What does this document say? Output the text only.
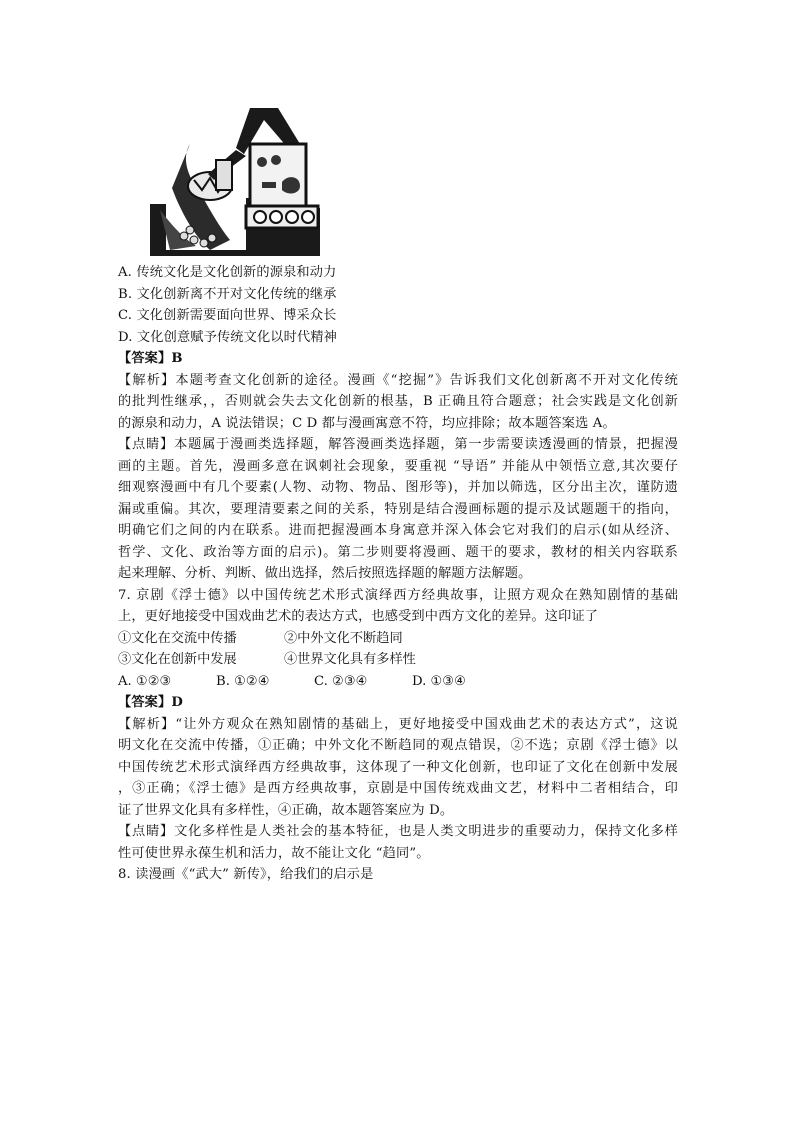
A. 传统文化是文化创新的源泉和动力
B. 文化创新离不开对文化传统的继承
C. 文化创新需要面向世界、博采众长
D. 文化创意赋予传统文化以时代精神
【答案】B
【解析】本题考查文化创新的途径。漫画《“挖掘”》告诉我们文化创新离不开对文化传统
的批判性继承，，否则就会失去文化创新的根基，B 正确且符合题意；社会实践是文化创新
的源泉和动力，A 说法错误；C D 都与漫画寓意不符，均应排除；故本题答案选 A。
【点睛】本题属于漫画类选择题，解答漫画类选择题，第一步需要读透漫画的情景，把握漫
画的主题。首先，漫画多意在讽刺社会现象，要重视 “导语” 并能从中领悟立意,其次要仔
细观察漫画中有几个要素(人物、动物、物品、图形等)，并加以筛选，区分出主次，谨防遗
漏或重偏。其次，要理清要素之间的关系，特别是结合漫画标题的提示及试题题干的指向，
明确它们之间的内在联系。进而把握漫画本身寓意并深入体会它对我们的启示(如从经济、
哲学、文化、政治等方面的启示)。第二步则要将漫画、题干的要求，教材的相关内容联系
起来理解、分析、判断、做出选择，然后按照选择题的解题方法解题。
7. 京剧《浮士德》以中国传统艺术形式演绎西方经典故事，让照方观众在熟知剧情的基础
上，更好地接受中国戏曲艺术的表达方式，也感受到中西方文化的差异。这印证了
①文化在交流中传播	②中外文化不断趋同
③文化在创新中发展	④世界文化具有多样性
A. ①②③	B. ①②④	C. ②③④	D. ①③④
【答案】D
【解析】“让外方观众在熟知剧情的基础上，更好地接受中国戏曲艺术的表达方式”，这说
明文化在交流中传播，①正确；中外文化不断趋同的观点错误，②不选；京剧《浮士德》以
中国传统艺术形式演绎西方经典故事，这体现了一种文化创新，也印证了文化在创新中发展
，③正确；《浮士德》是西方经典故事，京剧是中国传统戏曲文艺，材料中二者相结合，印
证了世界文化具有多样性，④正确，故本题答案应为 D。
【点睛】文化多样性是人类社会的基本特征，也是人类文明进步的重要动力，保持文化多样
性可使世界永葆生机和活力，故不能让文化 “趋同”。
8. 读漫画《“武大” 新传》，给我们的启示是
